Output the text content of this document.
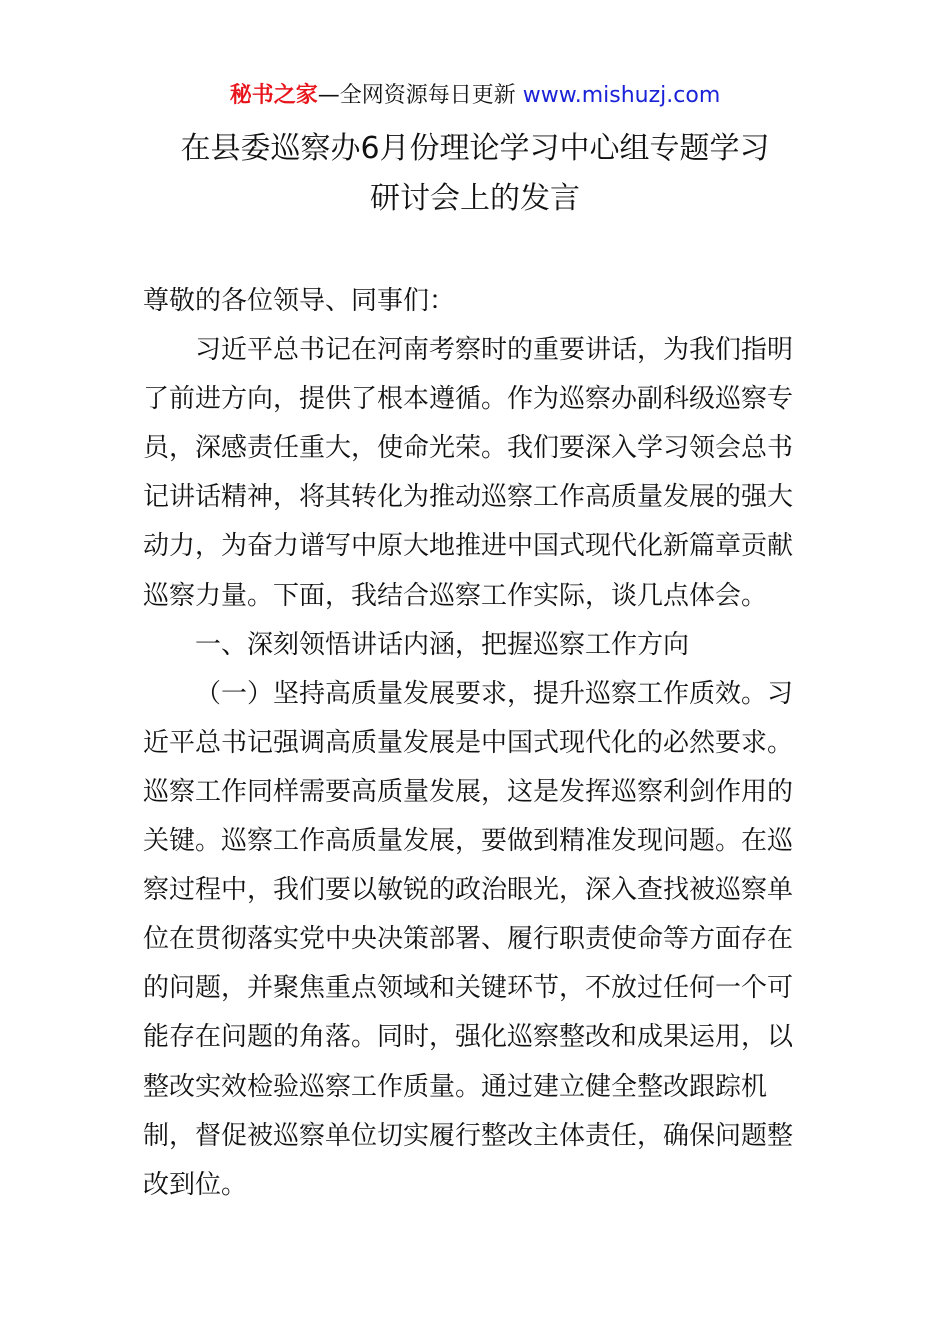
秘书之家—全网资源每日更新 www.mishuzj.com
在县委巡察办6月份理论学习中心组专题学习
研讨会上的发言

尊敬的各位领导、同事们：

习近平总书记在河南考察时的重要讲话，为我们指明
了前进方向，提供了根本遵循。作为巡察办副科级巡察专
员，深感责任重大，使命光荣。我们要深入学习领会总书
记讲话精神，将其转化为推动巡察工作高质量发展的强大
动力，为奋力谱写中原大地推进中国式现代化新篇章贡献
巡察力量。下面，我结合巡察工作实际，谈几点体会。

一、深刻领悟讲话内涵，把握巡察工作方向

（一）坚持高质量发展要求，提升巡察工作质效。习
近平总书记强调高质量发展是中国式现代化的必然要求。
巡察工作同样需要高质量发展，这是发挥巡察利剑作用的
关键。巡察工作高质量发展，要做到精准发现问题。在巡
察过程中，我们要以敏锐的政治眼光，深入查找被巡察单
位在贯彻落实党中央决策部署、履行职责使命等方面存在
的问题，并聚焦重点领域和关键环节，不放过任何一个可
能存在问题的角落。同时，强化巡察整改和成果运用，以
整改实效检验巡察工作质量。通过建立健全整改跟踪机
制，督促被巡察单位切实履行整改主体责任，确保问题整
改到位。
